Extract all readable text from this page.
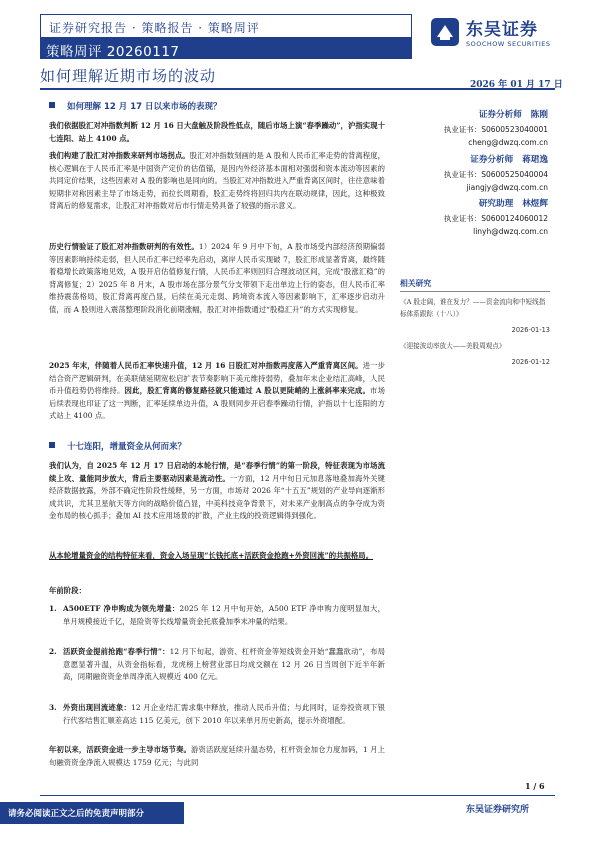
证券研究报告 · 策略报告 · 策略周评
策略周评 20260117
如何理解近期市场的波动
东吴证券
SOOCHOW SECURITIES
2026 年 01 月 17 日
如何理解 12 月 17 日以来市场的表现？
我们依据股汇对冲指数判断 12 月 16 日大盘触及阶段性低点，随后市场上演“春季躁动”，沪指实现十七连阳、站上 4100 点。
我们构建了股汇对冲指数来研判市场拐点。股汇对冲指数刻画的是 A 股和人民币汇率走势的背离程度，核心逻辑在于人民币汇率是中国资产定价的估值锚，是因内外经济基本面相对强弱和资本流动等因素的共同定价结果，这些因素对 A 股的影响也是同向的。当股汇对冲指数进入严重背离区间时，往往意味着短期非对称因素主导了市场走势，而拉长周期看，股汇走势终将回归共内在联动规律，因此，这种极致背离后的修复需求，让股汇对冲指数对后市行情走势具备了较强的指示意义。
历史行情验证了股汇对冲指数研判的有效性。1）2024 年 9 月中下旬，A 股市场受内部经济预期偏弱等因素影响持续走弱，但人民币汇率已经率先启动，离岸人民币实现破 7，股汇形成显著背离，最终随着稳增长政策落地见效，A 股开启估值修复行情，人民币汇率则回归合理波动区间，完成“股涨汇稳”的背离修复；2）2025 年 8 月末，A 股市场在部分景气分支带领下走出单边上行的姿态，但人民币汇率维持震荡格局，股汇背离再度凸显，后续在美元走弱、跨境资本流入等因素影响下，汇率逐步启动升值，而 A 股则进入震荡整理阶段消化前期涨幅，股汇对冲指数通过“股稳汇升”的方式实现修复。
2025 年末，伴随着人民币汇率快速升值，12 月 16 日股汇对冲指数再度落入严重背离区间。进一步结合资产逻辑研判，在美联储延期宽松启扩表节奏影响下美元维持弱势，叠加年末企业结汇高峰，人民币升值趋势仍将维持。因此，股汇背离的修复路径就只能通过 A 股以更陡峭的上涨斜率来完成。市场后续表现也印证了这一判断，汇率延续单边升值，A 股则同步开启春季躁动行情，沪指以十七连阳的方式站上 4100 点。
十七连阳，增量资金从何而来？
我们认为，自 2025 年 12 月 17 日启动的本轮行情，是“春季行情”的第一阶段，特征表现为市场流续上攻、量能同步放大，背后主要驱动因素是流动性。一方面，12 月中旬日元加息落地叠加海外关键经济数据披露，外部不确定性阶段性缓释，另一方面，市场对 2026 年“十五五”规划的产业导向逐渐形成共识，尤其卫星航天等方向的战略价值凸显，中美科技竞争背景下，对未来产业制高点的争夺成为资金布局的核心抓手；叠加 AI 技术应用场景的扩散，产业主线的投资逻辑得到强化。
从本轮增量资金的结构特征来看，资金入场呈现“长钱托底+活跃资金抢跑+外资回流”的共振格局。
年前阶段：
1. A500ETF 净申购成为领先增量：2025 年 12 月中旬开始，A500 ETF 净申购力度明显加大，单月规模接近千亿，是险资等长线增量资金托底叠加季末冲量的结果。
2. 活跃资金提前抢跑“春季行情”：12 月下旬起，游资、杠杆资金等短线资金开始“蠢蠢欲动”，布局意愿显著升温，从资金指标看，龙虎榜上榜营业部日均成交额在 12 月 26 日当周创下近半年新高，同期融资资金单周净流入规模近 400 亿元。
3. 外资出现回流迹象：12 月企业结汇需求集中释放，推动人民币升值；与此同时，证券投资项下银行代客结售汇顺差高达 115 亿美元，创下 2010 年以来单月历史新高，提示外资增配。
年初以来，活跃资金进一步主导市场节奏。游资活跃度延续升温态势，杠杆资金加仓力度加码，1 月上旬融资资金净流入规模达 1759 亿元；与此同
证券分析师 陈刚
执业证书：S0600523040001
cheng@dwzq.com.cn
证券分析师 蒋珺逸
执业证书：S0600525040004
jiangjy@dwzq.com.cn
研究助理 林煜辉
执业证书：S0600124060012
linyh@dwzq.com.cn
相关研究
《A 股走阔，谁在发力？——资金流向和中短线指标体系跟踪（十八）》
2026-01-13
《迎接波动率放大——美股周观点》
2026-01-12
1 / 6
东吴证券研究所
请务必阅读正文之后的免责声明部分
